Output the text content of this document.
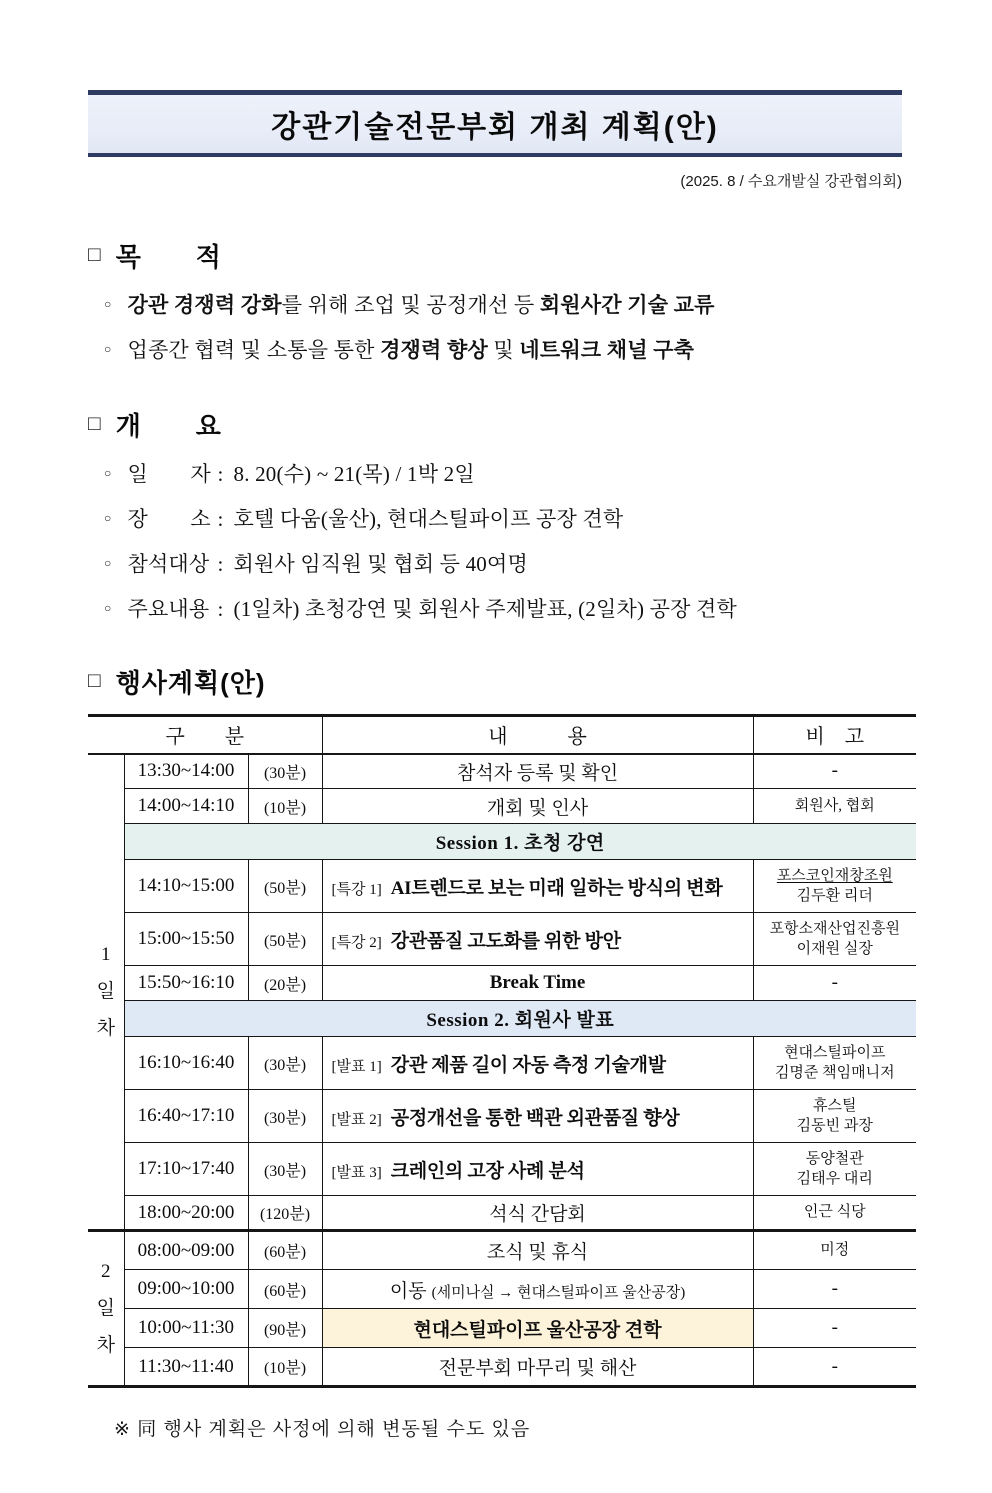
강관기술전문부회 개최 계획(안)
(2025. 8 / 수요개발실 강관협의회)
□ 목　　적
○ 강관 경쟁력 강화를 위해 조업 및 공정개선 등 회원사간 기술 교류
○ 업종간 협력 및 소통을 통한 경쟁력 향상 및 네트워크 채널 구축
□ 개　　요
○ 일　　자 : 8. 20(수) ~ 21(목) / 1박 2일
○ 장　　소 : 호텔 다움(울산), 현대스틸파이프 공장 견학
○ 참석대상 : 회원사 임직원 및 협회 등 40여명
○ 주요내용 : (1일차) 초청강연 및 회원사 주제발표, (2일차) 공장 견학
□ 행사계획(안)
구　　분			내　　　용	비　고

1
일
차	13:30~14:00	(30분)	참석자 등록 및 확인	-
	14:00~14:10	(10분)	개회 및 인사	회원사, 협회
	Session 1. 초청 강연			
	14:10~15:00	(50분)	[특강 1] AI트렌드로 보는 미래 일하는 방식의 변화	포스코인재창조원
김두환 리더

	15:00~15:50	(50분)	[특강 2] 강관품질 고도화를 위한 방안	포항소재산업진흥원
이재원 실장

	15:50~16:10	(20분)	Break Time	-
	Session 2. 회원사 발표			
	16:10~16:40	(30분)	[발표 1] 강관 제품 길이 자동 측정 기술개발	현대스틸파이프
김명준 책임매니저

	16:40~17:10	(30분)	[발표 2] 공정개선을 통한 백관 외관품질 향상	휴스틸
김동빈 과장

	17:10~17:40	(30분)	[발표 3] 크레인의 고장 사례 분석	동양철관
김태우 대리

	18:00~20:00	(120분)	석식 간담회	인근 식당

2
일
차	08:00~09:00	(60분)	조식 및 휴식	미정
	09:00~10:00	(60분)	이동 (세미나실 → 현대스틸파이프 울산공장)	-
	10:00~11:30	(90분)	현대스틸파이프 울산공장 견학	-
	11:30~11:40	(10분)	전문부회 마무리 및 해산	-
※ 同 행사 계획은 사정에 의해 변동될 수도 있음
